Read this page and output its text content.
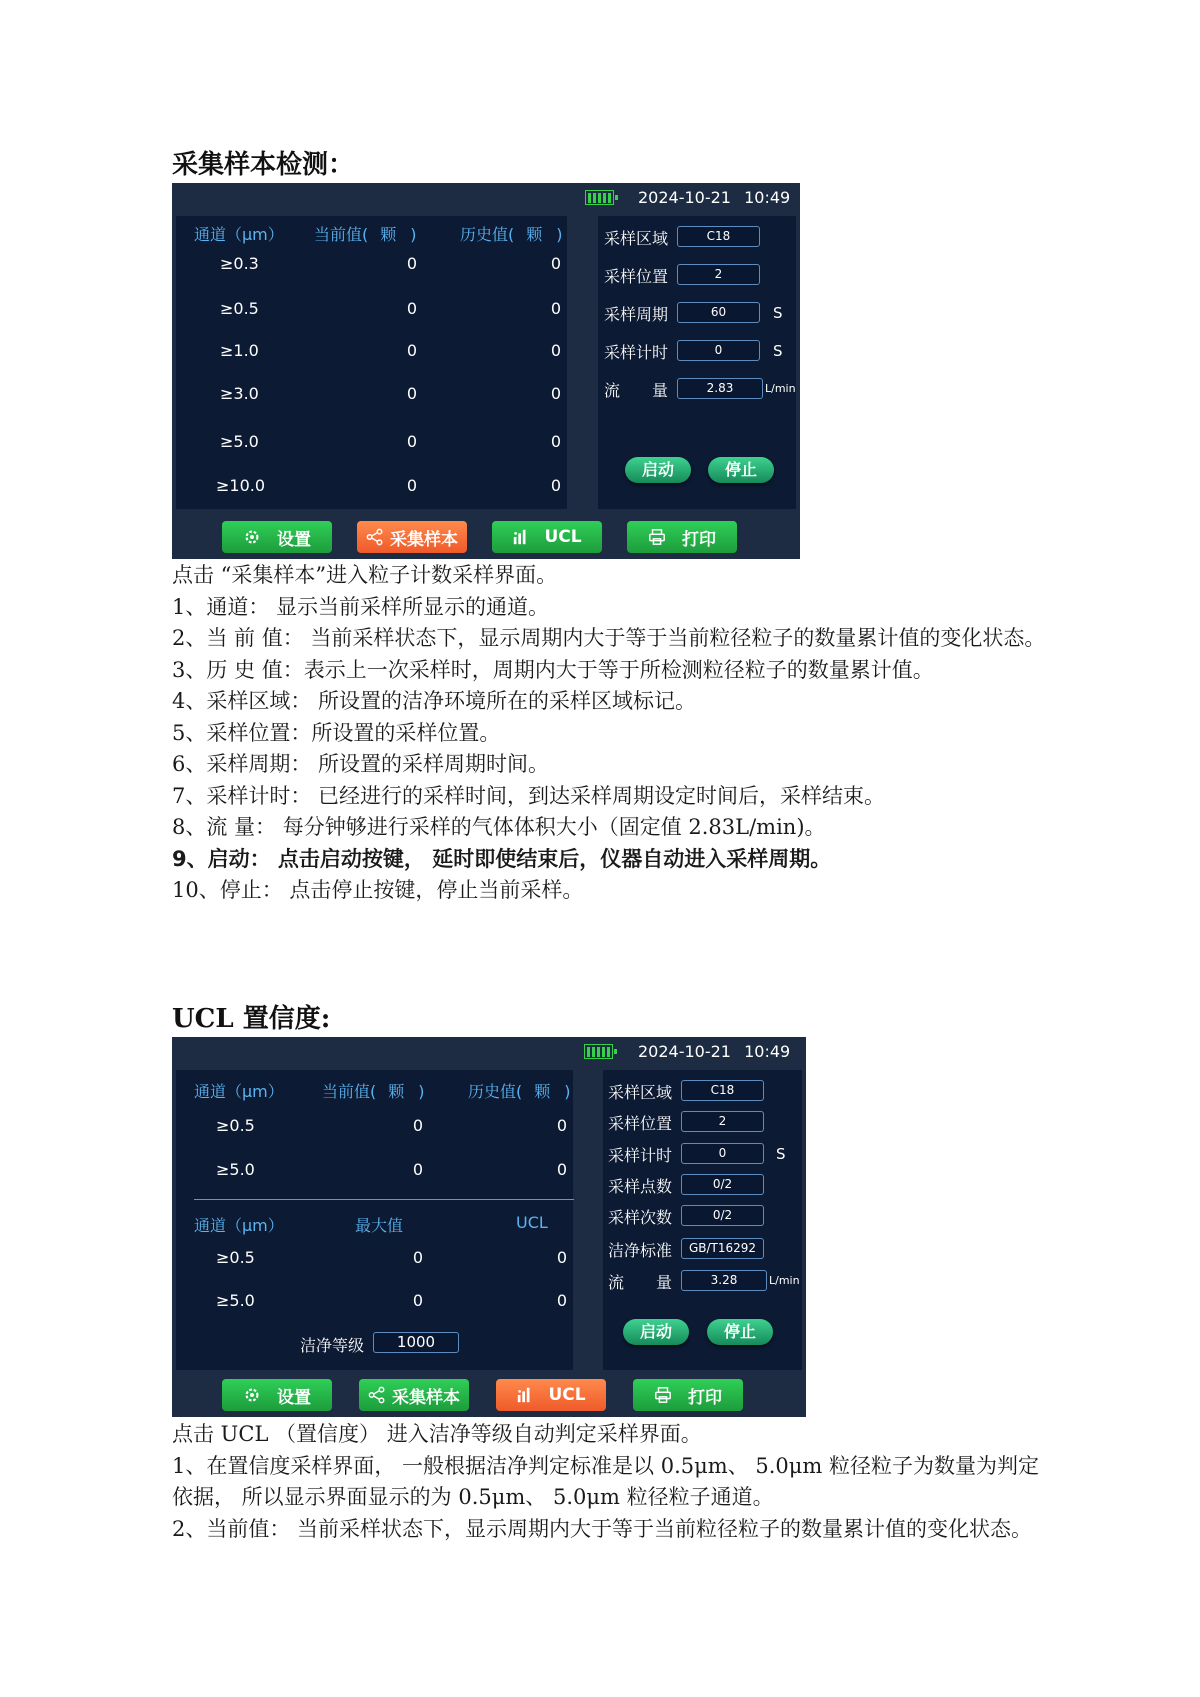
采集样本检测：
2024-10-21 10:49
通道（μm） 当前值( 颗 )	历史值( 颗 )
≥0.3	0	0
≥0.5	0	0
≥1.0	0	0
≥3.0	0	0
≥5.0	0	0
≥10.0	0	0
采样区域	C18
采样位置	2
采样周期	60	S
采样计时	0	S
流 量	2.83	L/min
启动	停止
设置	采集样本	UCL	打印

点击 “采集样本”进入粒子计数采样界面。

1、通道： 显示当前采样所显示的通道。

2、当 前 值： 当前采样状态下，显示周期内大于等于当前粒径粒子的数量累计值的变化状态。

3、历 史 值：表示上一次采样时，周期内大于等于所检测粒径粒子的数量累计值。

4、采样区域： 所设置的洁净环境所在的采样区域标记。

5、采样位置：所设置的采样位置。

6、采样周期： 所设置的采样周期时间。

7、采样计时： 已经进行的采样时间，到达采样周期设定时间后，采样结束。

8、流 量： 每分钟够进行采样的气体体积大小（固定值 2.83L/min)。

9、启动： 点击启动按键， 延时即使结束后，仪器自动进入采样周期。

10、停止： 点击停止按键，停止当前采样。

UCL 置信度:
2024-10-21 10:49
通道（μm） 当前值( 颗 )	历史值( 颗 )
≥0.5	0	0
≥5.0	0	0
通道（μm）	最大值	UCL
≥0.5	0	0
≥5.0	0	0
洁净等级	1000
采样区域	C18
采样位置	2
采样计时	0	S
采样点数	0/2
采样次数	0/2
洁净标准	GB/T16292
流 量	3.28	L/min
启动	停止
设置	采集样本	UCL	打印

点击 UCL （置信度） 进入洁净等级自动判定采样界面。

1、在置信度采样界面， 一般根据洁净判定标准是以 0.5μm、 5.0μm 粒径粒子为数量为判定依据， 所以显示界面显示的为 0.5μm、 5.0μm 粒径粒子通道。

2、当前值： 当前采样状态下，显示周期内大于等于当前粒径粒子的数量累计值的变化状态。
